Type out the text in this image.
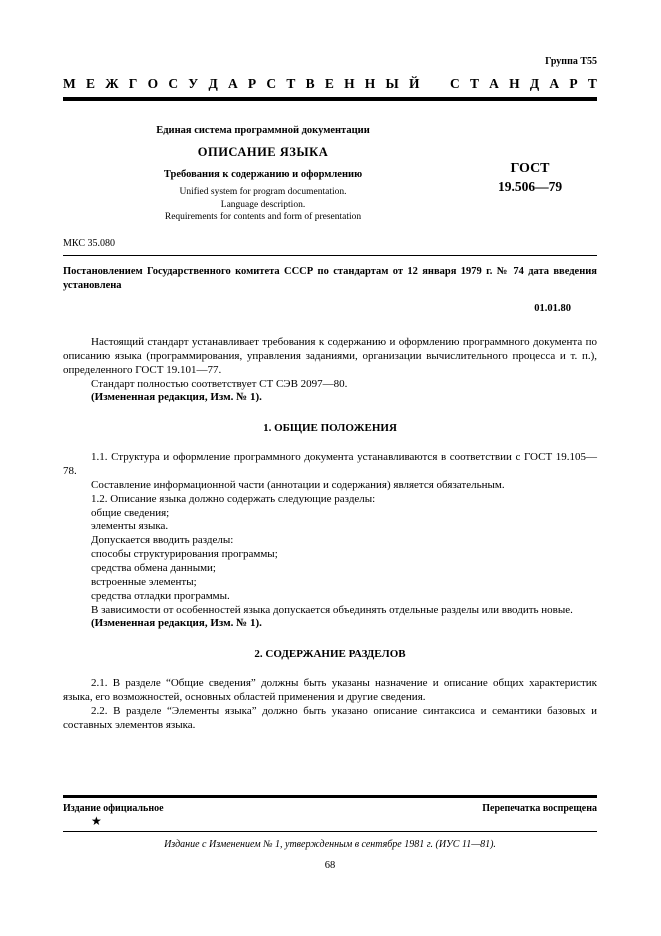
Группа Т55
М Е Ж Г О С У Д А Р С Т В Е Н Н Ы Й
С Т А Н Д А Р Т
Единая система программной документации
ОПИСАНИЕ ЯЗЫКА
Требования к содержанию и оформлению
Unified system for program documentation.
Language description.
Requirements for contents and form of presentation
ГОСТ
19.506—79
МКС 35.080

Постановлением Государственного комитета СССР по стандартам от 12 января 1979 г. № 74 дата введения установлена

01.01.80

Настоящий стандарт устанавливает требования к содержанию и оформлению программного документа по описанию языка (программирования, управления заданиями, организации вычислительного процесса и т. п.), определенного ГОСТ 19.101—77.

Стандарт полностью соответствует СТ СЭВ 2097—80.

(Измененная редакция, Изм. № 1).

1. ОБЩИЕ ПОЛОЖЕНИЯ

1.1. Структура и оформление программного документа устанавливаются в соответствии с ГОСТ 19.105—78.

Составление информационной части (аннотации и содержания) является обязательным.

1.2. Описание языка должно содержать следующие разделы:

общие сведения;

элементы языка.

Допускается вводить разделы:

способы структурирования программы;

средства обмена данными;

встроенные элементы;

средства отладки программы.

В зависимости от особенностей языка допускается объединять отдельные разделы или вводить новые.

(Измененная редакция, Изм. № 1).

2. СОДЕРЖАНИЕ РАЗДЕЛОВ

2.1. В разделе “Общие сведения” должны быть указаны назначение и описание общих характеристик языка, его возможностей, основных областей применения и другие сведения.

2.2. В разделе “Элементы языка” должно быть указано описание синтаксиса и семантики базовых и составных элементов языка.

Издание официальное	Перепечатка воспрещена
★
Издание с Изменением № 1, утвержденным в сентябре 1981 г. (ИУС 11—81).
68
